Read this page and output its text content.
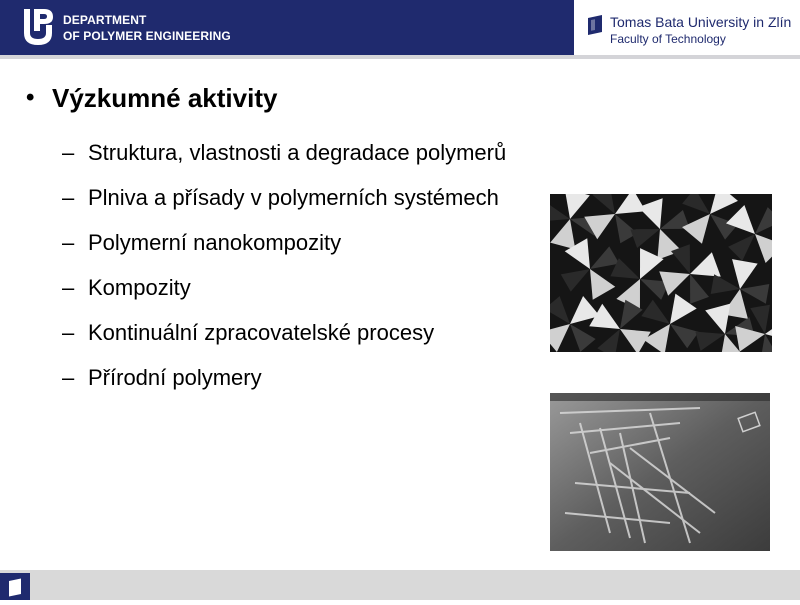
DEPARTMENT
OF POLYMER ENGINEERING
Tomas Bata University in Zlín
Faculty of Technology
• Výzkumné aktivity
– Struktura, vlastnosti a degradace polymerů
– Plniva a přísady v polymerních systémech
– Polymerní nanokompozity
– Kompozity
– Kontinuální zpracovatelské procesy
– Přírodní polymery
